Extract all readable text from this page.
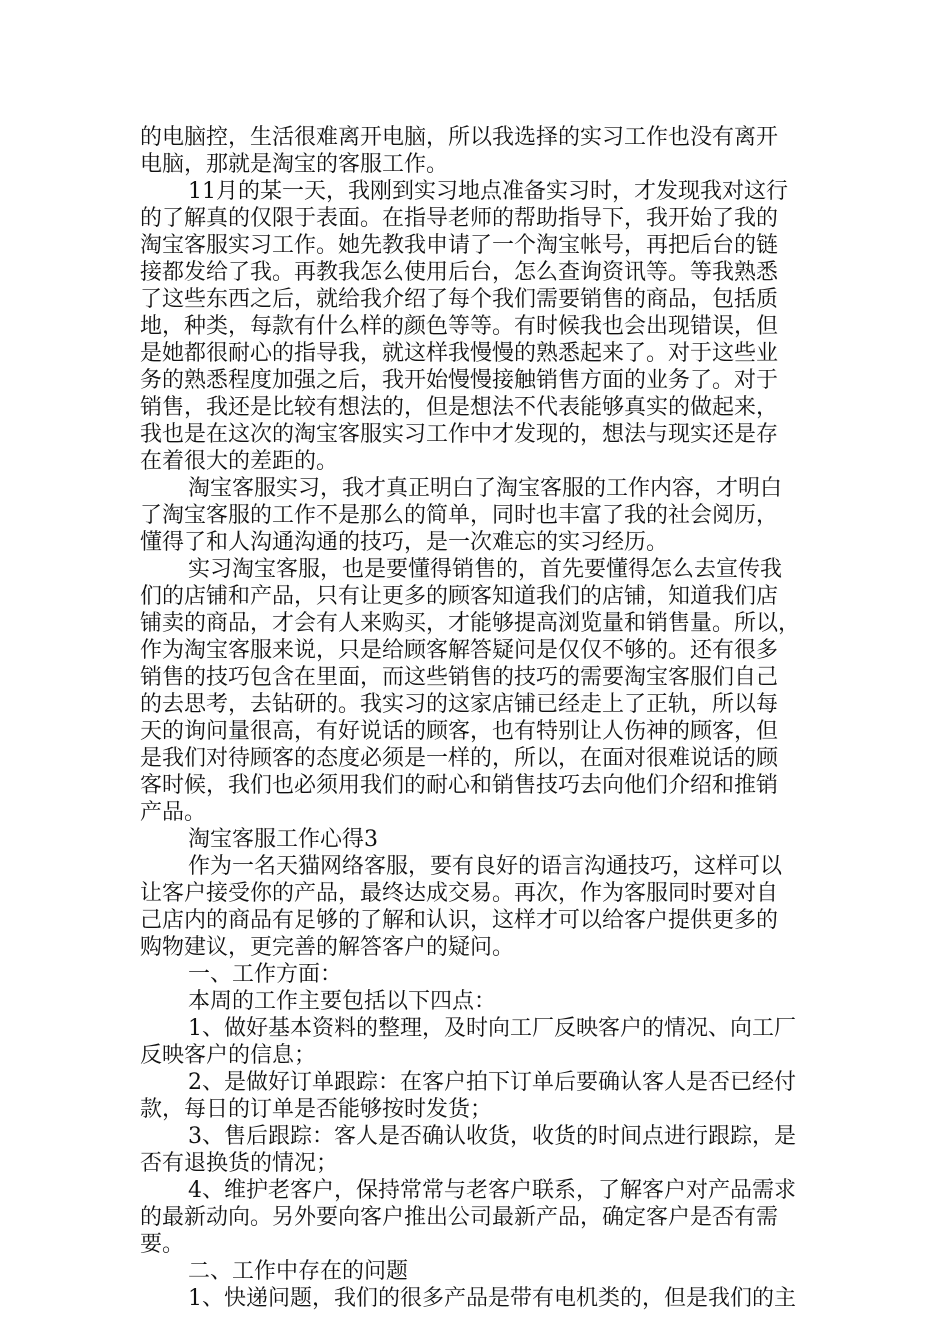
的电脑控，生活很难离开电脑，所以我选择的实习工作也没有离开
电脑，那就是淘宝的客服工作。
11月的某一天，我刚到实习地点准备实习时，才发现我对这行
的了解真的仅限于表面。在指导老师的帮助指导下，我开始了我的
淘宝客服实习工作。她先教我申请了一个淘宝帐号，再把后台的链
接都发给了我。再教我怎么使用后台，怎么查询资讯等。等我熟悉
了这些东西之后，就给我介绍了每个我们需要销售的商品，包括质
地，种类，每款有什么样的颜色等等。有时候我也会出现错误，但
是她都很耐心的指导我，就这样我慢慢的熟悉起来了。对于这些业
务的熟悉程度加强之后，我开始慢慢接触销售方面的业务了。对于
销售，我还是比较有想法的，但是想法不代表能够真实的做起来，
我也是在这次的淘宝客服实习工作中才发现的，想法与现实还是存
在着很大的差距的。
淘宝客服实习，我才真正明白了淘宝客服的工作内容，才明白
了淘宝客服的工作不是那么的简单，同时也丰富了我的社会阅历，
懂得了和人沟通沟通的技巧，是一次难忘的实习经历。
实习淘宝客服，也是要懂得销售的，首先要懂得怎么去宣传我
们的店铺和产品，只有让更多的顾客知道我们的店铺，知道我们店
铺卖的商品，才会有人来购买，才能够提高浏览量和销售量。所以，
作为淘宝客服来说，只是给顾客解答疑问是仅仅不够的。还有很多
销售的技巧包含在里面，而这些销售的技巧的需要淘宝客服们自己
的去思考，去钻研的。我实习的这家店铺已经走上了正轨，所以每
天的询问量很高，有好说话的顾客，也有特别让人伤神的顾客，但
是我们对待顾客的态度必须是一样的，所以，在面对很难说话的顾
客时候，我们也必须用我们的耐心和销售技巧去向他们介绍和推销
产品。
淘宝客服工作心得3
作为一名天猫网络客服，要有良好的语言沟通技巧，这样可以
让客户接受你的产品，最终达成交易。再次，作为客服同时要对自
己店内的商品有足够的了解和认识，这样才可以给客户提供更多的
购物建议，更完善的解答客户的疑问。
一、工作方面：
本周的工作主要包括以下四点：
1、做好基本资料的整理，及时向工厂反映客户的情况、向工厂
反映客户的信息；
2、是做好订单跟踪：在客户拍下订单后要确认客人是否已经付
款，每日的订单是否能够按时发货；
3、售后跟踪：客人是否确认收货，收货的时间点进行跟踪，是
否有退换货的情况；
4、维护老客户，保持常常与老客户联系，了解客户对产品需求
的最新动向。另外要向客户推出公司最新产品，确定客户是否有需
要。
二、工作中存在的问题
1、快递问题，我们的很多产品是带有电机类的，但是我们的主
